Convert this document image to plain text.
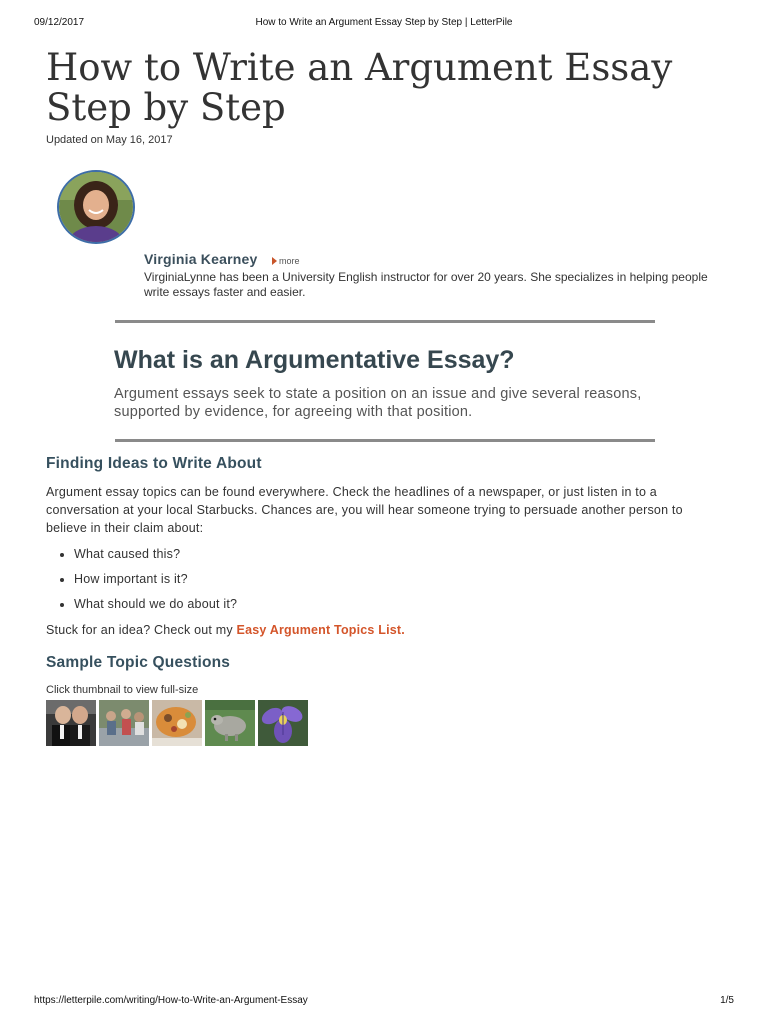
09/12/2017	How to Write an Argument Essay Step by Step | LetterPile
How to Write an Argument Essay Step by Step
Updated on May 16, 2017
Virginia Kearney more
VirginiaLynne has been a University English instructor for over 20 years. She specializes in helping people write essays faster and easier.
What is an Argumentative Essay?
Argument essays seek to state a position on an issue and give several reasons, supported by evidence, for agreeing with that position.
Finding Ideas to Write About
Argument essay topics can be found everywhere. Check the headlines of a newspaper, or just listen in to a conversation at your local Starbucks. Chances are, you will hear someone trying to persuade another person to believe in their claim about:
• What caused this?
• How important is it?
• What should we do about it?
Stuck for an idea? Check out my Easy Argument Topics List.
Sample Topic Questions
Click thumbnail to view full-size
https://letterpile.com/writing/How-to-Write-an-Argument-Essay	1/5
